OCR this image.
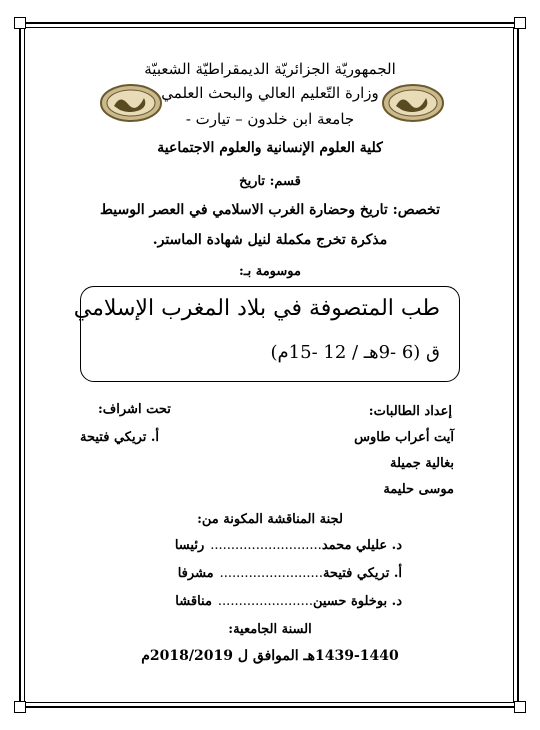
الجمهوريّة الجزائريّة الديمقراطيّة الشعبيّة
وزارة التّعليم العالي والبحث العلمي
جامعة ابن خلدون – تيارت -
كلية العلوم الإنسانية والعلوم الاجتماعية
قسم: تاريخ
تخصص: تاريخ وحضارة الغرب الاسلامي في العصر الوسيط
مذكرة تخرج مكملة لنيل شهادة الماستر.
موسومة بـ:
طب المتصوفة في بلاد المغرب الإسلامي
ق (6 -9هـ / 12 -15م)
إعداد الطالبات:
آيت أعراب طاوس
بغالية جميلة
موسى حليمة
تحت اشراف:
أ. تريكي فتيحة
لجنة المناقشة المكونة من:
د. عليلي محمد...........................رئيسا
أ. تريكي فتيحة.........................مشرفا
د. بوخلوة حسين.......................مناقشا
السنة الجامعية:
1439-1440هـ الموافق ل 2018/2019م
